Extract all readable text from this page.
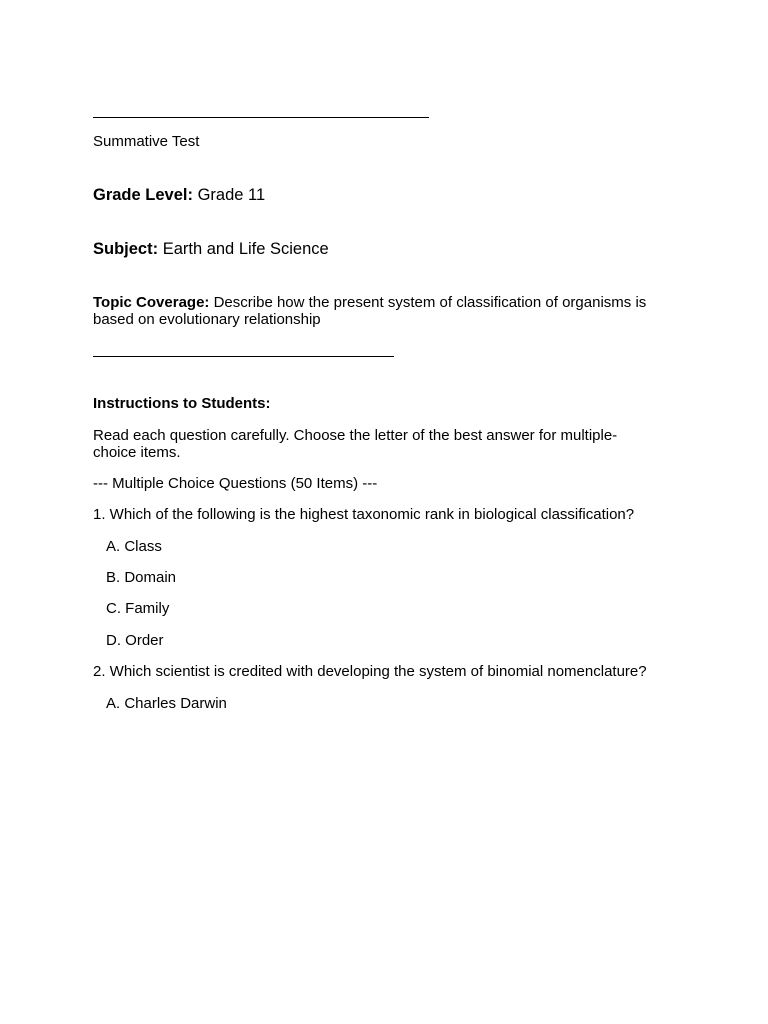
Summative Test
Grade Level: Grade 11
Subject: Earth and Life Science
Topic Coverage: Describe how the present system of classification of organisms is based on evolutionary relationship
Instructions to Students:
Read each question carefully. Choose the letter of the best answer for multiple-choice items.
--- Multiple Choice Questions (50 Items) ---
1. Which of the following is the highest taxonomic rank in biological classification?
A. Class
B. Domain
C. Family
D. Order
2. Which scientist is credited with developing the system of binomial nomenclature?
A. Charles Darwin
